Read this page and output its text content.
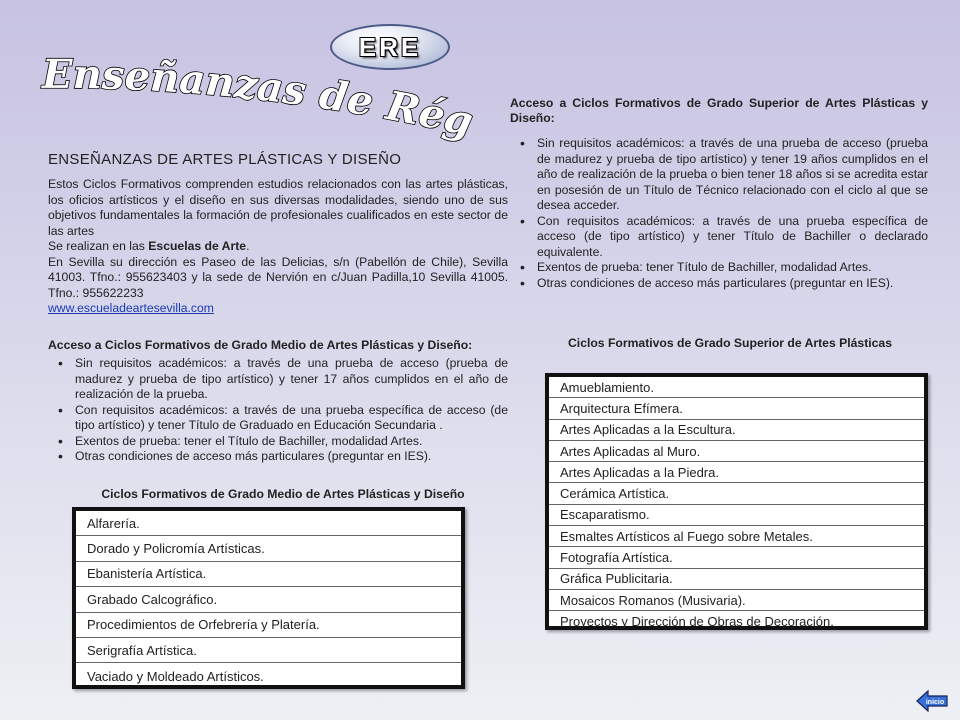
ERE
Enseñanzas de Régimen Especial
ENSEÑANZAS DE ARTES PLÁSTICAS Y DISEÑO
Estos Ciclos Formativos comprenden estudios relacionados con las artes plásticas, los oficios artísticos y el diseño en sus diversas modalidades, siendo uno de sus objetivos fundamentales la formación de profesionales cualificados en este sector de las artes
Se realizan en las Escuelas de Arte.
En Sevilla su dirección es Paseo de las Delicias, s/n (Pabellón de Chile), Sevilla 41003. Tfno.: 955623403 y la sede de Nervión en c/Juan Padilla,10 Sevilla 41005. Tfno.: 955622233
www.escueladeartesevilla.com

Acceso a Ciclos Formativos de Grado Medio de Artes Plásticas y Diseño:

• Sin requisitos académicos: a través de una prueba de acceso (prueba de madurez y prueba de tipo artístico) y tener 17 años cumplidos en el año de realización de la prueba.
• Con requisitos académicos: a través de una prueba específica de acceso (de tipo artístico) y tener Título de Graduado en Educación Secundaria .
• Exentos de prueba: tener el Título de Bachiller, modalidad Artes.
• Otras condiciones de acceso más particulares (preguntar en IES).
Ciclos Formativos de Grado Medio de Artes Plásticas y Diseño
Alfarería.
Dorado y Policromía Artísticas.
Ebanistería Artística.
Grabado Calcográfico.
Procedimientos de Orfebrería y Platería.
Serigrafía Artística.
Vaciado y Moldeado Artísticos.

Acceso a Ciclos Formativos de Grado Superior de Artes Plásticas y Diseño:

• Sin requisitos académicos: a través de una prueba de acceso (prueba de madurez y prueba de tipo artístico) y tener 19 años cumplidos en el año de realización de la prueba o bien tener 18 años si se acredita estar en posesión de un Título de Técnico relacionado con el ciclo al que se desea acceder.
• Con requisitos académicos: a través de una prueba específica de acceso (de tipo artístico) y tener Título de Bachiller o declarado equivalente.
• Exentos de prueba: tener Título de Bachiller, modalidad Artes.
• Otras condiciones de acceso más particulares (preguntar en IES).
Ciclos Formativos de Grado Superior de Artes Plásticas
Amueblamiento.
Arquitectura Efímera.
Artes Aplicadas a la Escultura.
Artes Aplicadas al Muro.
Artes Aplicadas a la Piedra.
Cerámica Artística.
Escaparatismo.
Esmaltes Artísticos al Fuego sobre Metales.
Fotografía Artística.
Gráfica Publicitaria.
Mosaicos Romanos (Musivaria).
Proyectos y Dirección de Obras de Decoración.
inicio
